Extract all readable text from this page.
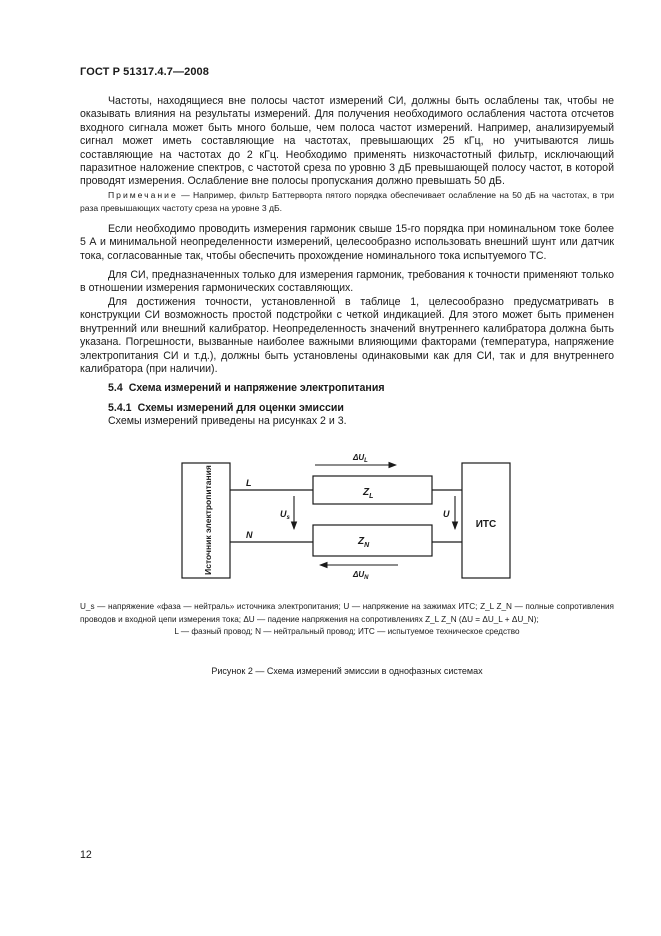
ГОСТ Р 51317.4.7—2008

Частоты, находящиеся вне полосы частот измерений СИ, должны быть ослаблены так, чтобы не оказывать влияния на результаты измерений. Для получения необходимого ослабления частота отсчетов входного сигнала может быть много больше, чем полоса частот измерений. Например, анализируемый сигнал может иметь составляющие на частотах, превышающих 25 кГц, но учитываются лишь составляющие на частотах до 2 кГц. Необходимо применять низкочастотный фильтр, исключающий паразитное наложение спектров, с частотой среза по уровню 3 дБ превышающей полосу частот, в которой проводят измерения. Ослабление вне полосы пропускания должно превышать 50 дБ.

Примечание — Например, фильтр Баттерворта пятого порядка обеспечивает ослабление на 50 дБ на частотах, в три раза превышающих частоту среза на уровне 3 дБ.

Если необходимо проводить измерения гармоник свыше 15-го порядка при номинальном токе более 5 А и минимальной неопределенности измерений, целесообразно использовать внешний шунт или датчик тока, согласованные так, чтобы обеспечить прохождение номинального тока испытуемого ТС.

Для СИ, предназначенных только для измерения гармоник, требования к точности применяют только в отношении измерения гармонических составляющих.

Для достижения точности, установленной в таблице 1, целесообразно предусматривать в конструкции СИ возможность простой подстройки с четкой индикацией. Для этого может быть применен внутренний или внешний калибратор. Неопределенность значений внутреннего калибратора должна быть указана. Погрешности, вызванные наиболее важными влияющими факторами (температура, напряжение электропитания СИ и т.д.), должны быть установлены одинаковыми как для СИ, так и для внутреннего калибратора (при наличии).

5.4 Схема измерений и напряжение электропитания
5.4.1 Схемы измерений для оценки эмиссии

Схемы измерений приведены на рисунках 2 и 3.

Источник электропитания	ИТС
L
N
$Z_L$
$Z_N$
$\Delta U_L$
$\Delta U_N$
$U_s$	U
U_s — напряжение «фаза — нейтраль» источника электропитания; U — напряжение на зажимах ИТС; Z_L Z_N — полные сопротивления проводов и входной цепи измерения тока; ΔU — падение напряжения на сопротивлениях Z_L Z_N (ΔU = ΔU_L + ΔU_N);
L — фазный провод; N — нейтральный провод; ИТС — испытуемое техническое средство
Рисунок 2 — Схема измерений эмиссии в однофазных системах
12
